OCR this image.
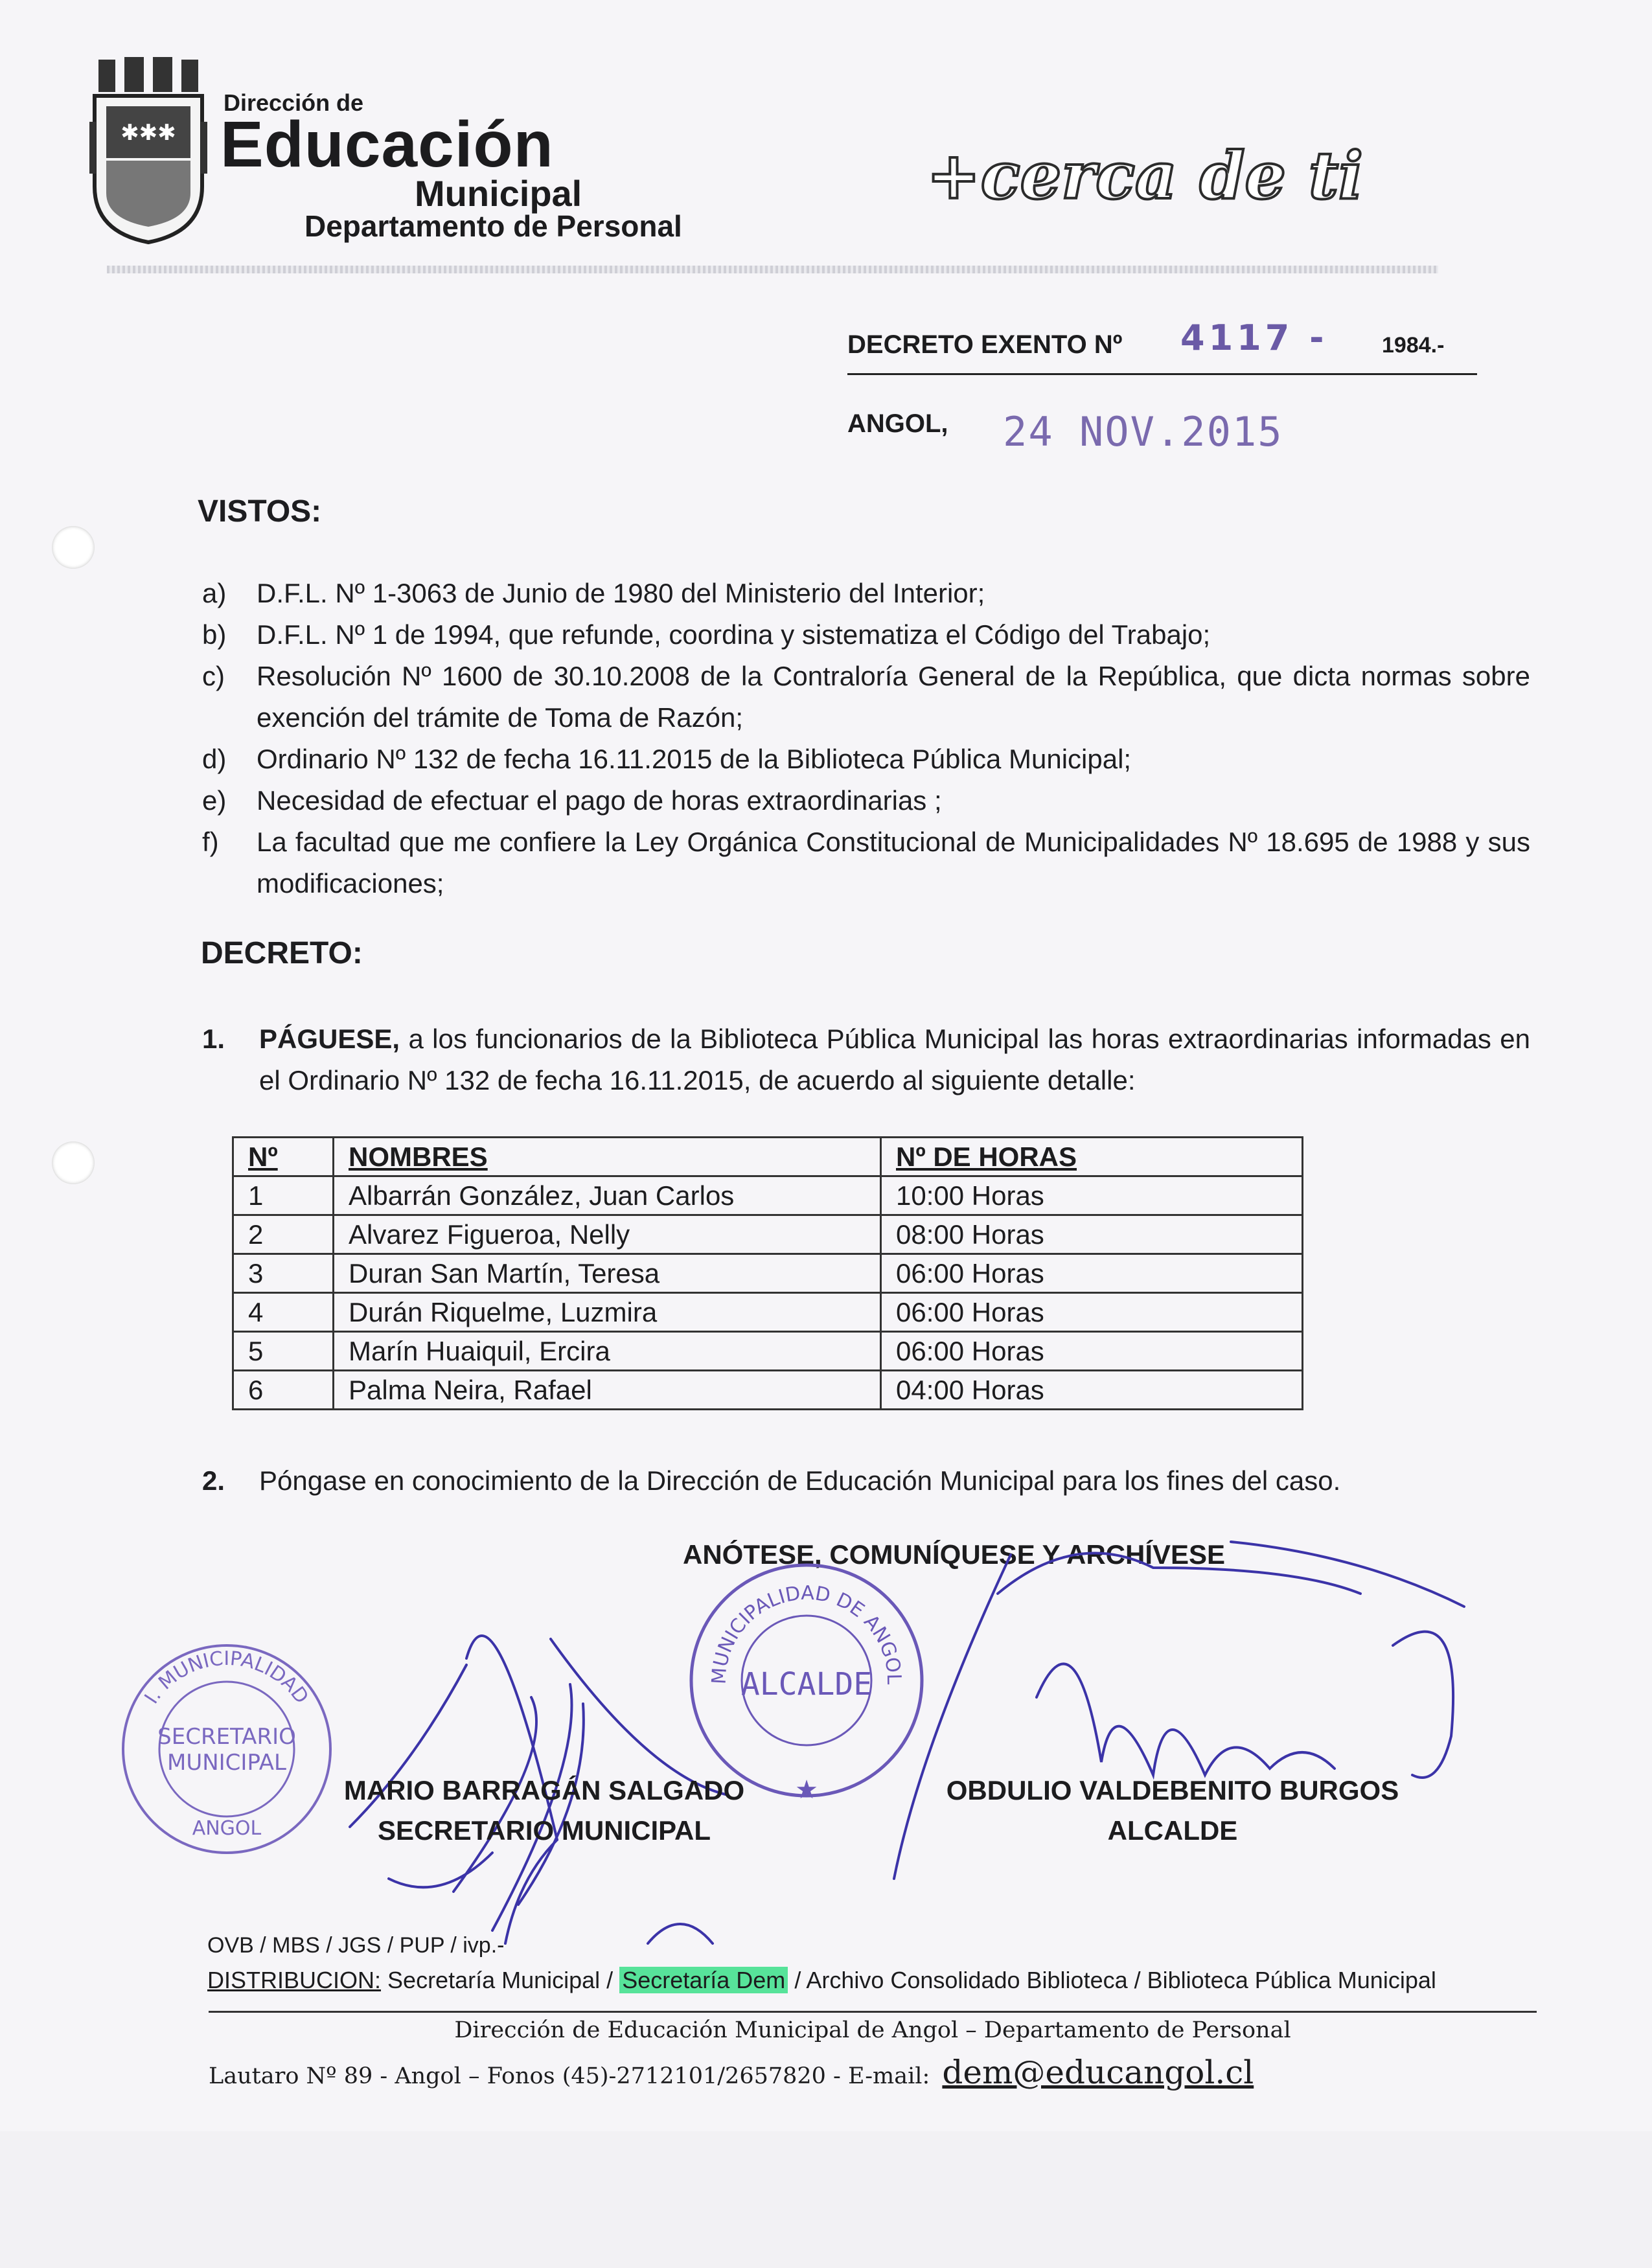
✱✱✱
Dirección de
Educación
Municipal
Departamento de Personal
+cerca de ti
DECRETO EXENTO Nº 4117 - 1984.-
ANGOL, 24 NOV.2015
VISTOS:
a)	D.F.L. Nº 1-3063 de Junio de 1980 del Ministerio del Interior;
b)	D.F.L. Nº 1 de 1994, que refunde, coordina y sistematiza el Código del Trabajo;
c)	Resolución Nº 1600 de 30.10.2008 de la Contraloría General de la República, que dicta normas sobre exención del trámite de Toma de Razón;
d)	Ordinario Nº 132 de fecha 16.11.2015 de la Biblioteca Pública Municipal;
e)	Necesidad de efectuar el pago de horas extraordinarias ;
f)	La facultad que me confiere la Ley Orgánica Constitucional de Municipalidades Nº 18.695 de 1988 y sus modificaciones;
DECRETO:
1.	PÁGUESE, a los funcionarios de la Biblioteca Pública Municipal las horas extraordinarias informadas en el Ordinario Nº 132 de fecha 16.11.2015, de acuerdo al siguiente detalle:
Nº	NOMBRES	Nº DE HORAS
1	Albarrán González, Juan Carlos	10:00 Horas
2	Alvarez Figueroa, Nelly	08:00 Horas
3	Duran San Martín, Teresa	06:00 Horas
4	Durán Riquelme, Luzmira	06:00 Horas
5	Marín Huaiquil, Ercira	06:00 Horas
6	Palma Neira, Rafael	04:00 Horas
2.	Póngase en conocimiento de la Dirección de Educación Municipal para los fines del caso.
ANÓTESE, COMUNÍQUESE Y ARCHÍVESE
I. MUNICIPALIDAD
SECRETARIO
MUNICIPAL
ANGOL
MUNICIPALIDAD DE ANGOL
ALCALDE
★
MARIO BARRAGÁN SALGADO
SECRETARIO MUNICIPAL
OBDULIO VALDEBENITO BURGOS
ALCALDE
OVB / MBS / JGS / PUP / ivp.-
DISTRIBUCION: Secretaría Municipal / Secretaría Dem / Archivo Consolidado Biblioteca / Biblioteca Pública Municipal
Dirección de Educación Municipal de Angol – Departamento de Personal
Lautaro Nº 89 - Angol – Fonos (45)-2712101/2657820 - E-mail: dem@educangol.cl
